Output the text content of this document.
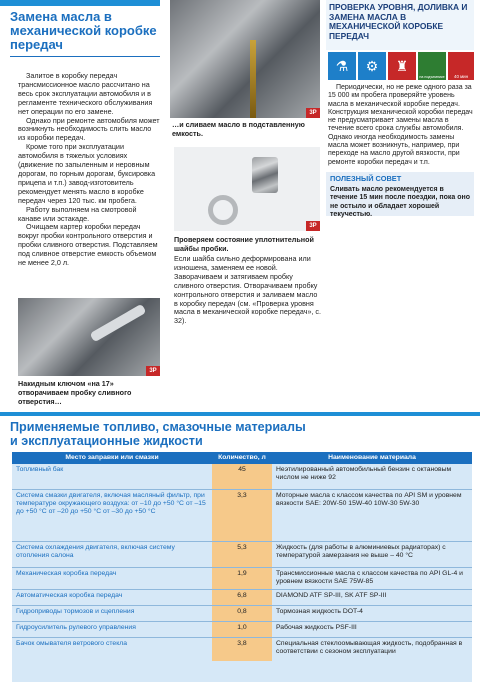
Замена масла в механической коробке передач

Залитое в коробку передач трансмиссионное масло рассчитано на весь срок эксплуатации автомобиля и в регламенте технического обслуживания нет операции по его замене.

Однако при ремонте автомобиля может возникнуть необходимость слить масло из коробки передач.

Кроме того при эксплуатации автомобиля в тяжелых условиях (движение по запыленным и неровным дорогам, по горным дорогам, буксировка прицепа и т.п.) завод-изготовитель рекомендует менять масло в коробке передач через 120 тыс. км пробега.

Работу выполняем на смотровой канаве или эстакаде.

Очищаем картер коробки передач вокруг пробки контрольного отверстия и пробки сливного отверстия. Подставляем под сливное отверстие емкость объемом не менее 2,0 л.

3P
Накидным ключом «на 17» отворачиваем пробку сливного отверстия…
3P
…и сливаем масло в подставленную емкость.
3P
Проверяем состояние уплотнительной шайбы пробки.
Если шайба сильно деформирована или изношена, заменяем ее новой. Заворачиваем и затягиваем пробку сливного отверстия. Отворачиваем пробку контрольного отверстия и заливаем масло в коробку передач (см. «Проверка уровня масла в механической коробке передач», с. 32).
ПРОВЕРКА УРОВНЯ, ДОЛИВКА И ЗАМЕНА МАСЛА В МЕХАНИЧЕСКОЙ КОРОБКЕ ПЕРЕДАЧ
⚗	⚙	♜
на подъемнике	40 мин
Периодически, но не реже одного раза за 15 000 км пробега проверяйте уровень масла в механической коробке передач. Конструкция механической коробки передач не предусматривает замены масла в течение всего срока службы автомобиля. Однако иногда необходимость замены масла может возникнуть, например, при переходе на масло другой вязкости, при ремонте коробки передач и т.п.
ПОЛЕЗНЫЙ СОВЕТ
Сливать масло рекомендуется в течение 15 мин после поездки, пока оно не остыло и обладает хорошей текучестью.
Применяемые топливо, смазочные материалы
и эксплуатационные жидкости
Место заправки или смазки	Количество, л	Наименование материала
Топливный бак	45	Неэтилированный автомобильный бензин с октановым числом не ниже 92
Система смазки двигателя, включая масляный фильтр, при температуре окружающего воздуха: от –10 до +50 °C от –15 до +50 °C от –20 до +50 °C от –30 до +50 °C	3,3	Моторные масла с классом качества по API SM и уровнем вязкости SAE: 20W-50 15W-40 10W-30 5W-30
Система охлаждения двигателя, включая систему отопления салона	5,3	Жидкость (для работы в алюминиевых радиаторах) с температурой замерзания не выше – 40 °C
Механическая коробка передач	1,9	Трансмиссионные масла с классом качества по API GL-4 и уровнем вязкости SAE 75W-85
Автоматическая коробка передач	6,8	DIAMOND ATF SP-III, SK ATF SP-III
Гидроприводы тормозов и сцепления	0,8	Тормозная жидкость DOT-4
Гидроусилитель рулевого управления	1,0	Рабочая жидкость PSF-III
Бачок омывателя ветрового стекла	3,8	Специальная стеклоомывающая жидкость, подобранная в соответствии с сезоном эксплуатации
